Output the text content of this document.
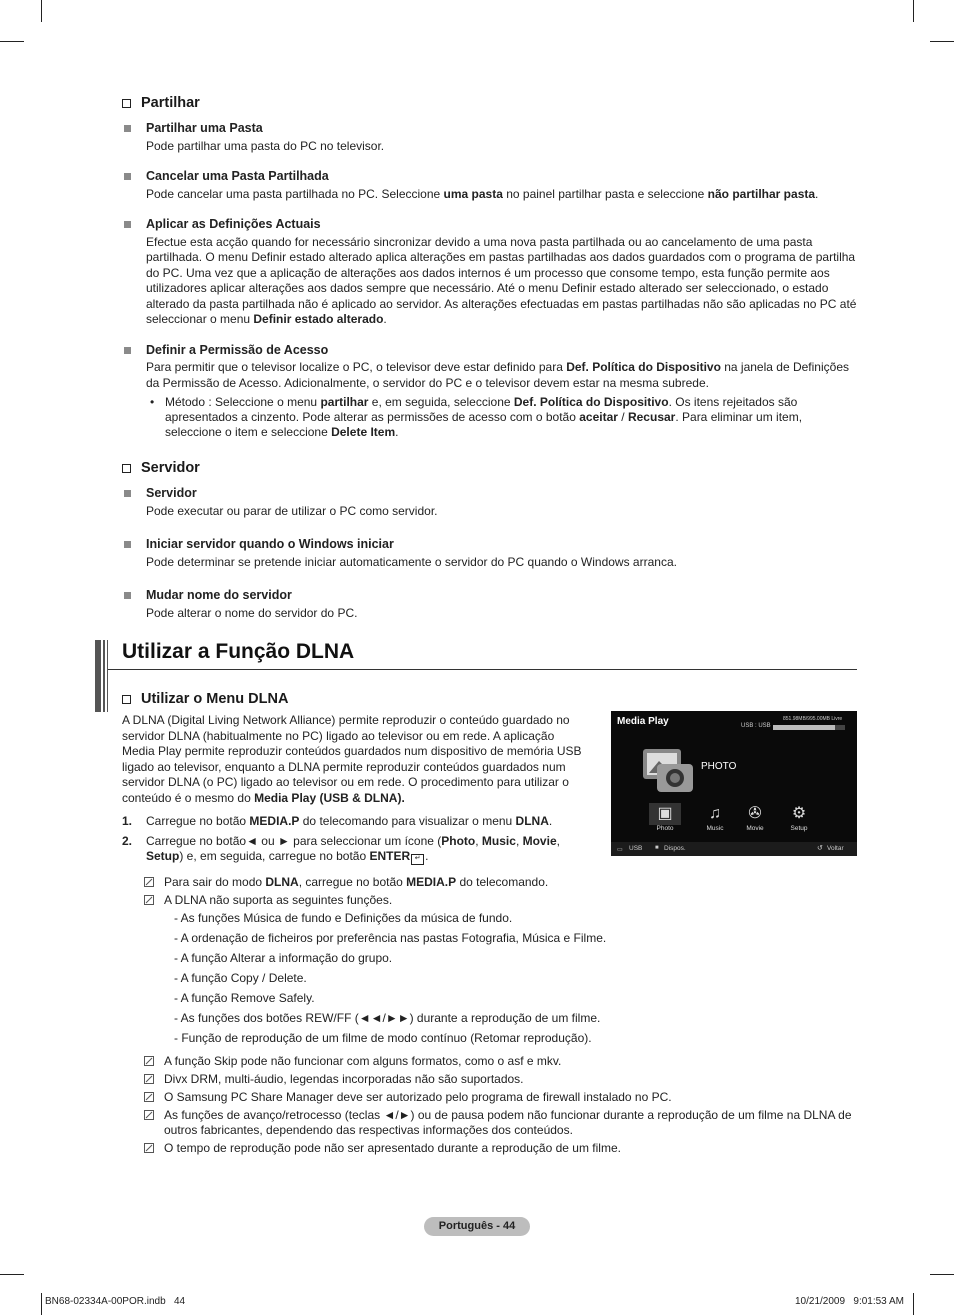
Partilhar
Partilhar uma Pasta
Pode partilhar uma pasta do PC no televisor.
Cancelar uma Pasta Partilhada
Pode cancelar uma pasta partilhada no PC. Seleccione uma pasta no painel partilhar pasta e seleccione não partilhar pasta.
Aplicar as Definições Actuais
Efectue esta acção quando for necessário sincronizar devido a uma nova pasta partilhada ou ao cancelamento de uma pasta partilhada. O menu Definir estado alterado aplica alterações em pastas partilhadas aos dados guardados com o programa de partilha do PC. Uma vez que a aplicação de alterações aos dados internos é um processo que consome tempo, esta função permite aos utilizadores aplicar alterações aos dados sempre que necessário. Até o menu Definir estado alterado ser seleccionado, o estado alterado da pasta partilhada não é aplicado ao servidor. As alterações efectuadas em pastas partilhadas não são aplicadas no PC até seleccionar o menu Definir estado alterado.
Definir a Permissão de Acesso
Para permitir que o televisor localize o PC, o televisor deve estar definido para Def. Política do Dispositivo na janela de Definições da Permissão de Acesso. Adicionalmente, o servidor do PC e o televisor devem estar na mesma subrede.
• Método : Seleccione o menu partilhar e, em seguida, seleccione Def. Política do Dispositivo. Os itens rejeitados são apresentados a cinzento. Pode alterar as permissões de acesso com o botão aceitar / Recusar. Para eliminar um item, seleccione o item e seleccione Delete Item.
Servidor
Servidor
Pode executar ou parar de utilizar o PC como servidor.
Iniciar servidor quando o Windows iniciar
Pode determinar se pretende iniciar automaticamente o servidor do PC quando o Windows arranca.
Mudar nome do servidor
Pode alterar o nome do servidor do PC.
Utilizar a Função DLNA
Utilizar o Menu DLNA

A DLNA (Digital Living Network Alliance) permite reproduzir o conteúdo guardado no servidor DLNA (habitualmente no PC) ligado ao televisor ou em rede. A aplicação Media Play permite reproduzir conteúdos guardados num dispositivo de memória USB ligado ao televisor, enquanto a DLNA permite reproduzir conteúdos guardados num servidor DLNA (o PC) ligado ao televisor ou em rede. O procedimento para utilizar o conteúdo é o mesmo do Media Play (USB & DLNA).

1. Carregue no botão MEDIA.P do telecomando para visualizar o menu DLNA.
2. Carregue no botão◄ ou ► para seleccionar um ícone (Photo, Music, Movie, Setup) e, em seguida, carregue no botão ENTER ↵ .
Para sair do modo DLNA, carregue no botão MEDIA.P do telecomando.
A DLNA não suporta as seguintes funções.
- As funções Música de fundo e Definições da música de fundo.
- A ordenação de ficheiros por preferência nas pastas Fotografia, Música e Filme.
- A função Alterar a informação do grupo.
- A função Copy / Delete.
- A função Remove Safely.
- As funções dos botões REW/FF (◄◄/►►) durante a reprodução de um filme.
- Função de reprodução de um filme de modo contínuo (Retomar reprodução).
A função Skip pode não funcionar com alguns formatos, como o asf e mkv.
Divx DRM, multi-áudio, legendas incorporadas não são suportados.
O Samsung PC Share Manager deve ser autorizado pelo programa de firewall instalado no PC.
As funções de avanço/retrocesso (teclas ◄/►) ou de pausa podem não funcionar durante a reprodução de um filme na DLNA de outros fabricantes, dependendo das respectivas informações dos conteúdos.
O tempo de reprodução pode não ser apresentado durante a reprodução de um filme.
Media Play	851.98MB/995.00MB Livre
USB : USB
PHOTO
▣
Photo
♫
Music
✇
Movie
⚙
Setup
▭ USB ■ Dispos.	↺ Voltar
Português - 44
BN68-02334A-00POR.indb   44	10/21/2009   9:01:53 AM
